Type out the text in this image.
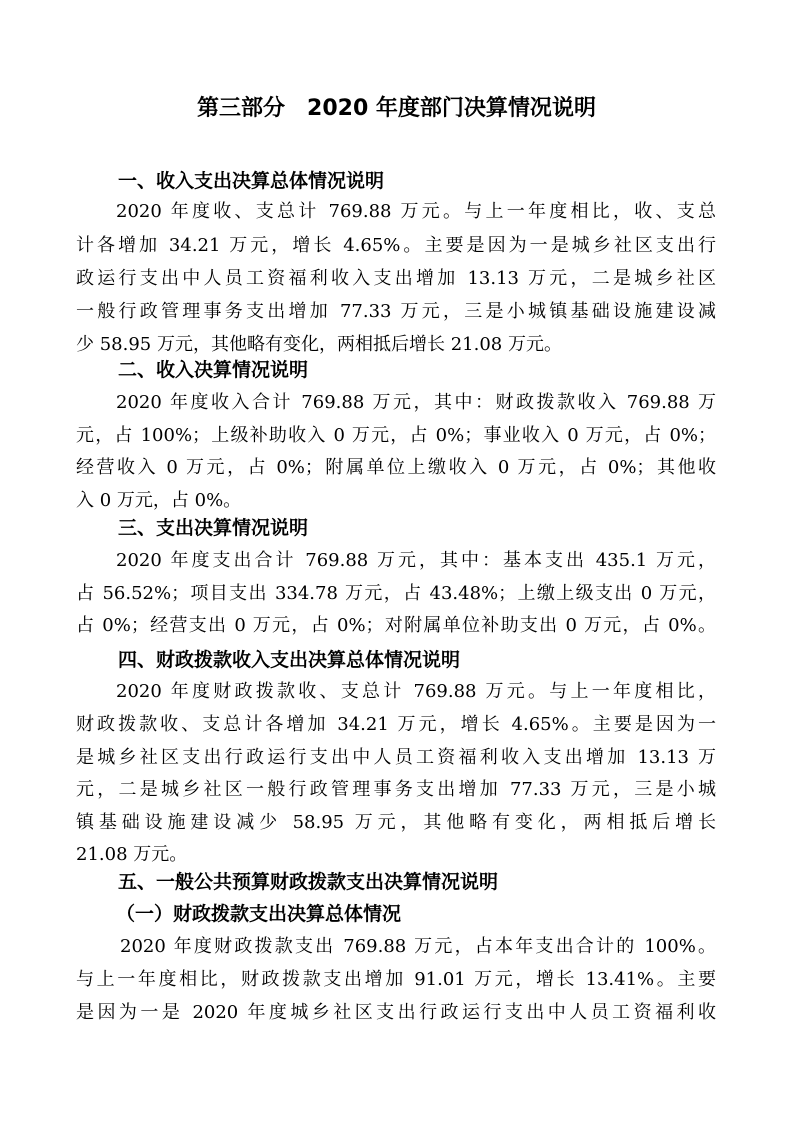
第三部分　2020 年度部门决算情况说明
一、收入支出决算总体情况说明
2020 年度收、支总计 769.88 万元。与上一年度相比，收、支总
计各增加 34.21 万元，增长 4.65%。主要是因为一是城乡社区支出行
政运行支出中人员工资福利收入支出增加 13.13 万元，二是城乡社区
一般行政管理事务支出增加 77.33 万元，三是小城镇基础设施建设减
少 58.95 万元，其他略有变化，两相抵后增长 21.08 万元。
二、收入决算情况说明
2020 年度收入合计 769.88 万元，其中：财政拨款收入 769.88 万
元，占 100%；上级补助收入 0 万元，占 0%；事业收入 0 万元，占 0%；
经营收入 0 万元，占 0%；附属单位上缴收入 0 万元，占 0%；其他收
入 0 万元，占 0%。
三、支出决算情况说明
2020 年度支出合计 769.88 万元，其中：基本支出 435.1 万元，
占 56.52%；项目支出 334.78 万元，占 43.48%；上缴上级支出 0 万元，
占 0%；经营支出 0 万元，占 0%；对附属单位补助支出 0 万元，占 0%。
四、财政拨款收入支出决算总体情况说明
2020 年度财政拨款收、支总计 769.88 万元。与上一年度相比，
财政拨款收、支总计各增加 34.21 万元，增长 4.65%。主要是因为一
是城乡社区支出行政运行支出中人员工资福利收入支出增加 13.13 万
元，二是城乡社区一般行政管理事务支出增加 77.33 万元，三是小城
镇基础设施建设减少 58.95 万元，其他略有变化，两相抵后增长
21.08 万元。
五、一般公共预算财政拨款支出决算情况说明
（一）财政拨款支出决算总体情况
2020 年度财政拨款支出 769.88 万元，占本年支出合计的 100%。
与上一年度相比，财政拨款支出增加 91.01 万元，增长 13.41%。主要
是因为一是 2020 年度城乡社区支出行政运行支出中人员工资福利收
